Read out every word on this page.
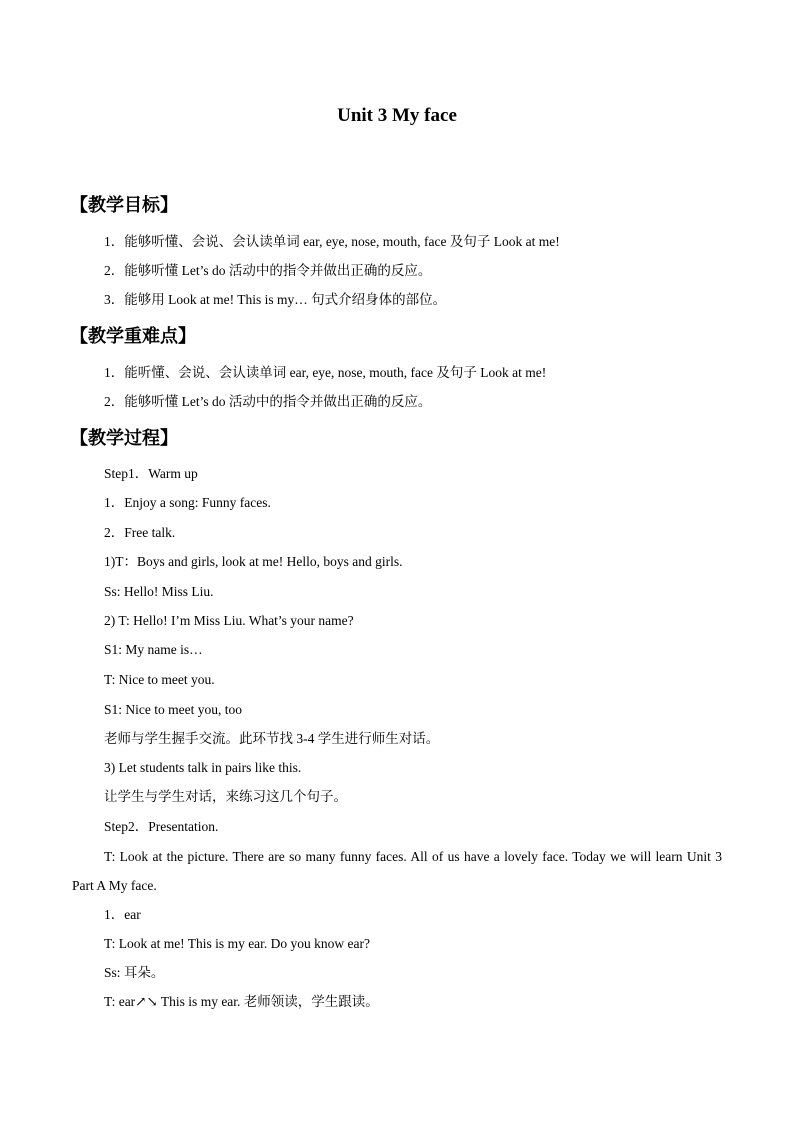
Unit 3 My face
【教学目标】

1．能够听懂、会说、会认读单词 ear, eye, nose, mouth, face 及句子 Look at me!

2．能够听懂 Let’s do 活动中的指令并做出正确的反应。

3．能够用 Look at me! This is my… 句式介绍身体的部位。

【教学重难点】

1．能听懂、会说、会认读单词 ear, eye, nose, mouth, face 及句子 Look at me!

2．能够听懂 Let’s do 活动中的指令并做出正确的反应。

【教学过程】

Step1．Warm up

1．Enjoy a song: Funny faces.

2．Free talk.

1)T：Boys and girls, look at me! Hello, boys and girls.

Ss: Hello! Miss Liu.

2) T: Hello! I’m Miss Liu. What’s your name?

S1: My name is…

T: Nice to meet you.

S1: Nice to meet you, too

老师与学生握手交流。此环节找 3-4 学生进行师生对话。

3) Let students talk in pairs like this.

让学生与学生对话，来练习这几个句子。

Step2．Presentation.

T: Look at the picture. There are so many funny faces. All of us have a lovely face. Today we will learn Unit 3 Part A My face.

1．ear

T: Look at me! This is my ear. Do you know ear?

Ss: 耳朵。

T: ear↗↘ This is my ear. 老师领读，学生跟读。
